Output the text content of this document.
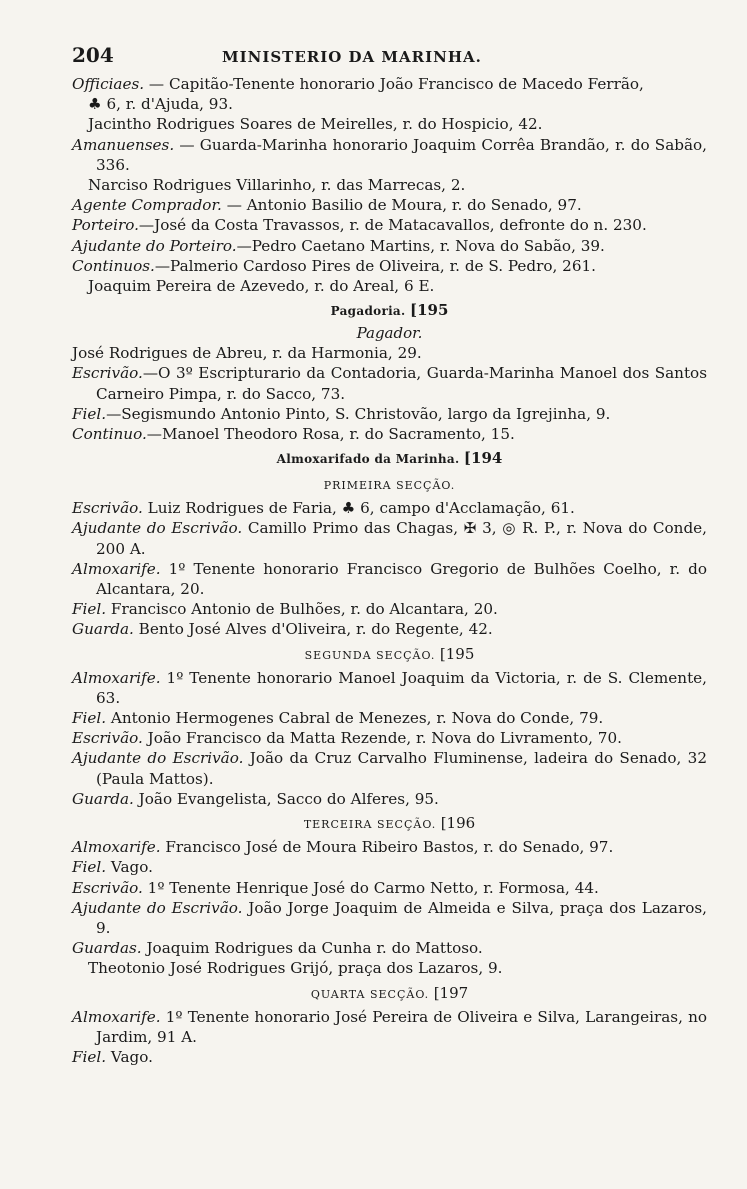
204	MINISTERIO DA MARINHA.
Officiaes. — Capitão-Tenente honorario João Francisco de Macedo Ferrão,
♣ 6, r. d'Ajuda, 93.
Jacintho Rodrigues Soares de Meirelles, r. do Hospicio, 42.
Amanuenses. — Guarda-Marinha honorario Joaquim Corrêa Brandão, r. do Sabão, 336.
Narciso Rodrigues Villarinho, r. das Marrecas, 2.
Agente Comprador. — Antonio Basilio de Moura, r. do Senado, 97.
Porteiro.—José da Costa Travassos, r. de Matacavallos, defronte do n. 230.
Ajudante do Porteiro.—Pedro Caetano Martins, r. Nova do Sabão, 39.
Continuos.—Palmerio Cardoso Pires de Oliveira, r. de S. Pedro, 261.
Joaquim Pereira de Azevedo, r. do Areal, 6 E.
Pagadoria. [195
Pagador.
José Rodrigues de Abreu, r. da Harmonia, 29.
Escrivão.—O 3º Escripturario da Contadoria, Guarda-Marinha Manoel dos Santos Carneiro Pimpa, r. do Sacco, 73.
Fiel.—Segismundo Antonio Pinto, S. Christovão, largo da Igrejinha, 9.
Continuo.—Manoel Theodoro Rosa, r. do Sacramento, 15.
Almoxarifado da Marinha. [194
PRIMEIRA SECÇÃO.
Escrivão. Luiz Rodrigues de Faria, ♣ 6, campo d'Acclamação, 61.
Ajudante do Escrivão. Camillo Primo das Chagas, ✠ 3, ◎ R. P., r. Nova do Conde, 200 A.
Almoxarife. 1º Tenente honorario Francisco Gregorio de Bulhões Coelho, r. do Alcantara, 20.
Fiel. Francisco Antonio de Bulhões, r. do Alcantara, 20.
Guarda. Bento José Alves d'Oliveira, r. do Regente, 42.
SEGUNDA SECÇÃO. [195
Almoxarife. 1º Tenente honorario Manoel Joaquim da Victoria, r. de S. Clemente, 63.
Fiel. Antonio Hermogenes Cabral de Menezes, r. Nova do Conde, 79.
Escrivão. João Francisco da Matta Rezende, r. Nova do Livramento, 70.
Ajudante do Escrivão. João da Cruz Carvalho Fluminense, ladeira do Senado, 32 (Paula Mattos).
Guarda. João Evangelista, Sacco do Alferes, 95.
TERCEIRA SECÇÃO. [196
Almoxarife. Francisco José de Moura Ribeiro Bastos, r. do Senado, 97.
Fiel. Vago.
Escrivão. 1º Tenente Henrique José do Carmo Netto, r. Formosa, 44.
Ajudante do Escrivão. João Jorge Joaquim de Almeida e Silva, praça dos Lazaros, 9.
Guardas. Joaquim Rodrigues da Cunha r. do Mattoso.
Theotonio José Rodrigues Grijó, praça dos Lazaros, 9.
QUARTA SECÇÃO. [197
Almoxarife. 1º Tenente honorario José Pereira de Oliveira e Silva, Larangeiras, no Jardim, 91 A.
Fiel. Vago.
